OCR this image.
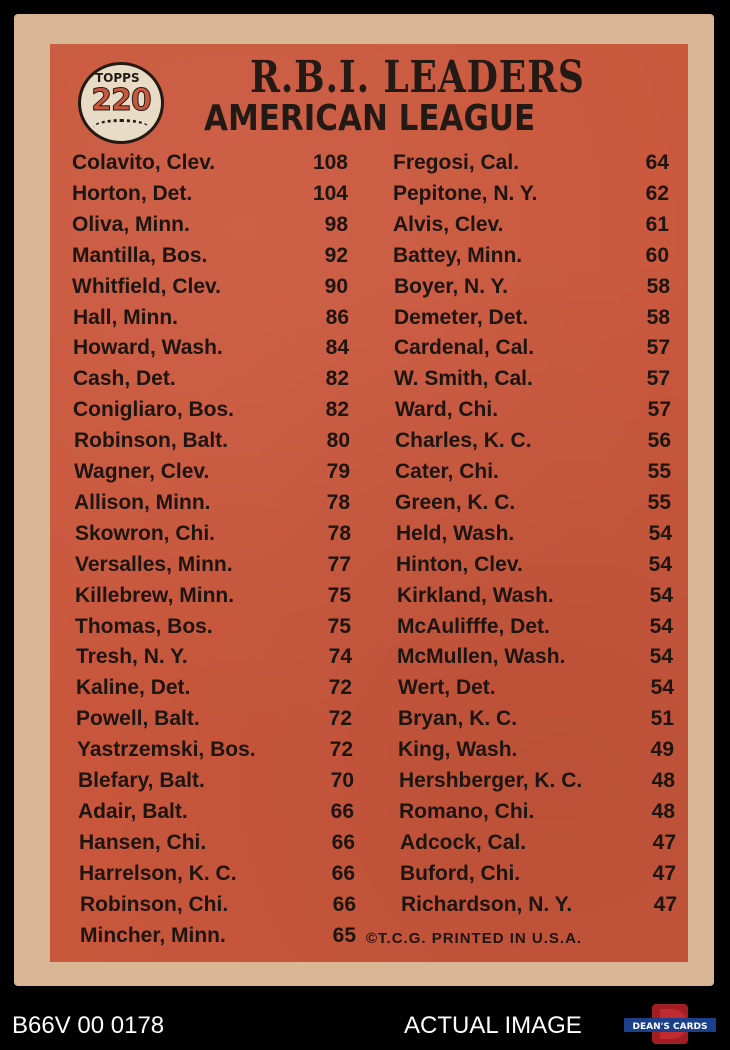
TOPPS
220 R.B.I. LEADERS
AMERICAN LEAGUE
Colavito, Clev.	108
Horton, Det.	104
Oliva, Minn.	98
Mantilla, Bos.	92
Whitfield, Clev.	90
Hall, Minn.	86
Howard, Wash.	84
Cash, Det.	82
Conigliaro, Bos.	82
Robinson, Balt.	80
Wagner, Clev.	79
Allison, Minn.	78
Skowron, Chi.	78
Versalles, Minn.	77
Killebrew, Minn.	75
Thomas, Bos.	75
Tresh, N. Y.	74
Kaline, Det.	72
Powell, Balt.	72
Yastrzemski, Bos.	72
Blefary, Balt.	70
Adair, Balt.	66
Hansen, Chi.	66
Harrelson, K. C.	66
Robinson, Chi.	66
Mincher, Minn.	65
Fregosi, Cal.	64
Pepitone, N. Y.	62
Alvis, Clev.	61
Battey, Minn.	60
Boyer, N. Y.	58
Demeter, Det.	58
Cardenal, Cal.	57
W. Smith, Cal.	57
Ward, Chi.	57
Charles, K. C.	56
Cater, Chi.	55
Green, K. C.	55
Held, Wash.	54
Hinton, Clev.	54
Kirkland, Wash.	54
McAulifffe, Det.	54
McMullen, Wash.	54
Wert, Det.	54
Bryan, K. C.	51
King, Wash.	49
Hershberger, K. C.	48
Romano, Chi.	48
Adcock, Cal.	47
Buford, Chi.	47
Richardson, N. Y.	47
©T.C.G. PRINTED IN U.S.A.
B66V 00 0178	ACTUAL IMAGE	DEAN'S CARDS
